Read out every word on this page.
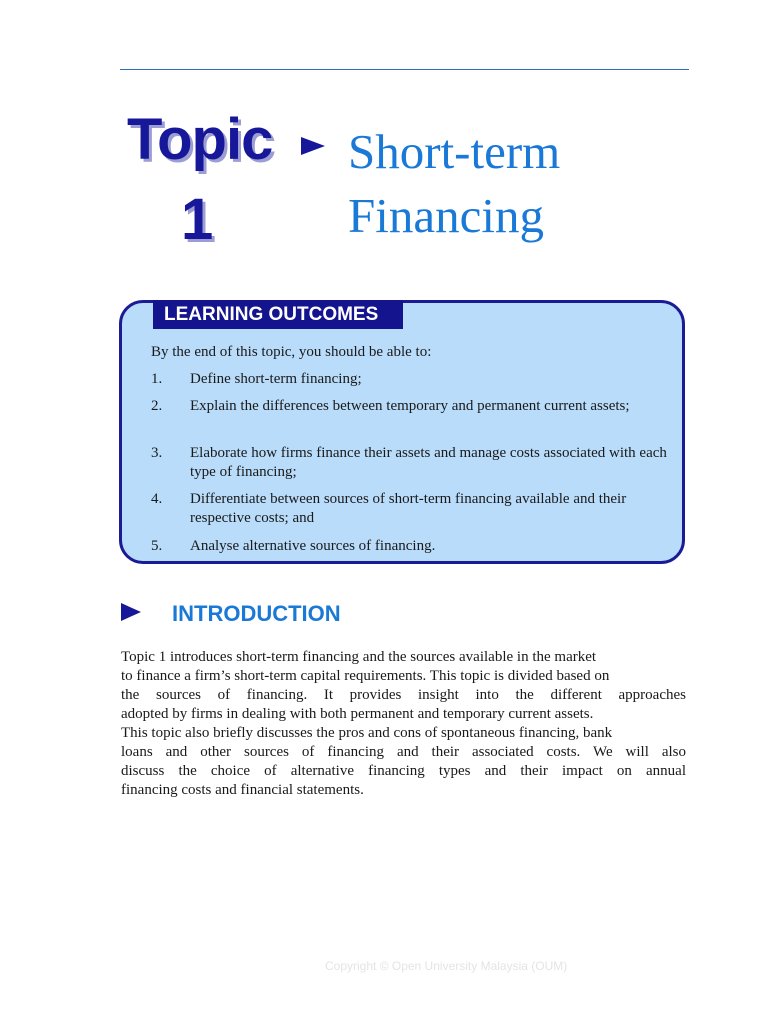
Topic
1
Short-term
Financing
LEARNING OUTCOMES
By the end of this topic, you should be able to:
1. Define short-term financing;
2. Explain the differences between temporary and permanent current assets;
3. Elaborate how firms finance their assets and manage costs associated with each type of financing;
4. Differentiate between sources of short-term financing available and their respective costs; and
5. Analyse alternative sources of financing.
INTRODUCTION
Topic 1 introduces short-term financing and the sources available in the market
to finance a firm’s short-term capital requirements. This topic is divided based on
the sources of financing. It provides insight into the different approaches
adopted by firms in dealing with both permanent and temporary current assets.
This topic also briefly discusses the pros and cons of spontaneous financing, bank
loans and other sources of financing and their associated costs. We will also
discuss the choice of alternative financing types and their impact on annual
financing costs and financial statements.
Copyright © Open University Malaysia (OUM)
